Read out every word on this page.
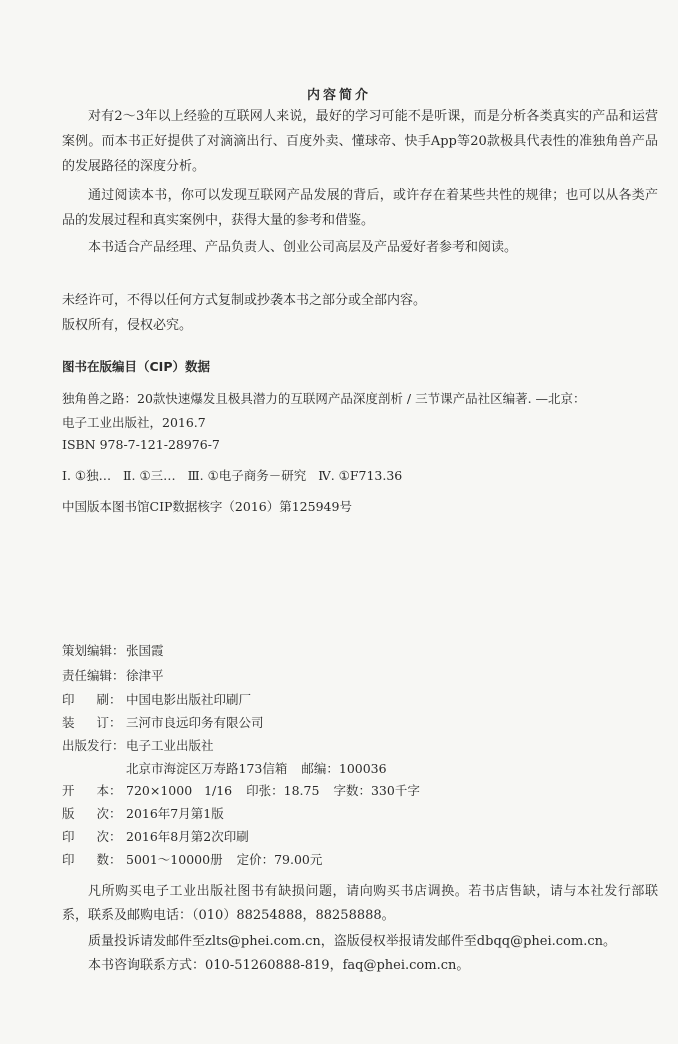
内容简介
对有2～3年以上经验的互联网人来说，最好的学习可能不是听课，而是分析各类真实的产品和运营案例。而本书正好提供了对滴滴出行、百度外卖、懂球帝、快手App等20款极具代表性的准独角兽产品的发展路径的深度分析。
通过阅读本书，你可以发现互联网产品发展的背后，或许存在着某些共性的规律；也可以从各类产品的发展过程和真实案例中，获得大量的参考和借鉴。
本书适合产品经理、产品负责人、创业公司高层及产品爱好者参考和阅读。
未经许可，不得以任何方式复制或抄袭本书之部分或全部内容。
版权所有，侵权必究。
图书在版编目（CIP）数据
独角兽之路：20款快速爆发且极具潜力的互联网产品深度剖析 / 三节课产品社区编著. —北京：
电子工业出版社，2016.7
ISBN 978-7-121-28976-7
Ⅰ. ①独…   Ⅱ. ①三…   Ⅲ. ①电子商务－研究   Ⅳ. ①F713.36
中国版本图书馆CIP数据核字（2016）第125949号
策划编辑：张国霞
责任编辑：徐津平
印 刷： 中国电影出版社印刷厂
装 订： 三河市良远印务有限公司
出版发行：电子工业出版社
北京市海淀区万寿路173信箱 邮编：100036
开 本： 720×1000   1/16 印张：18.75 字数：330千字
版 次： 2016年7月第1版
印 次： 2016年8月第2次印刷
印 数： 5001～10000册 定价：79.00元
凡所购买电子工业出版社图书有缺损问题，请向购买书店调换。若书店售缺，请与本社发行部联系，联系及邮购电话：（010）88254888，88258888。
质量投诉请发邮件至zlts@phei.com.cn，盗版侵权举报请发邮件至dbqq@phei.com.cn。
本书咨询联系方式：010-51260888-819，faq@phei.com.cn。
